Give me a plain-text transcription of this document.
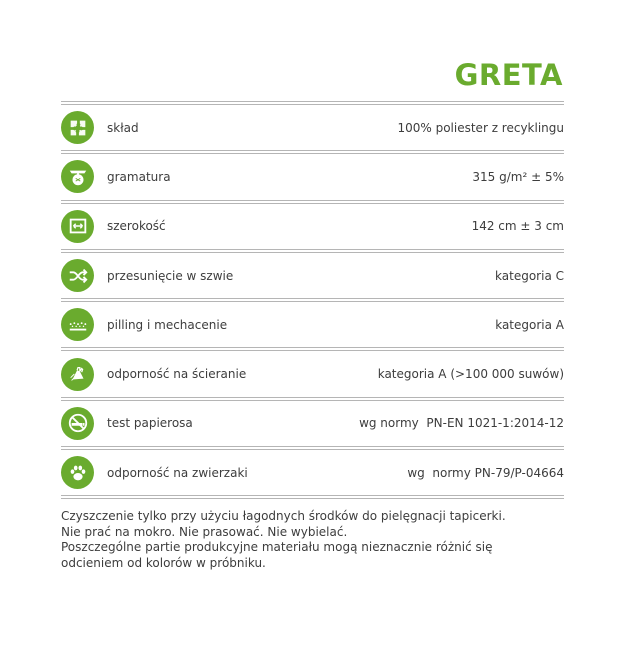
GRETA
skład	100% poliester z recyklingu
gramatura	315 g/m² ± 5%
szerokość	142 cm ± 3 cm
przesunięcie w szwie	kategoria C
pilling i mechacenie	kategoria A
odporność na ścieranie	kategoria A (>100 000 suwów)
test papierosa	wg normy  PN-EN 1021-1:2014-12
odporność na zwierzaki	wg  normy PN-79/P-04664

Czyszczenie tylko przy użyciu łagodnych środków do pielęgnacji tapicerki.

Nie prać na mokro. Nie prasować. Nie wybielać.

Poszczególne partie produkcyjne materiału mogą nieznacznie różnić się

odcieniem od kolorów w próbniku.
